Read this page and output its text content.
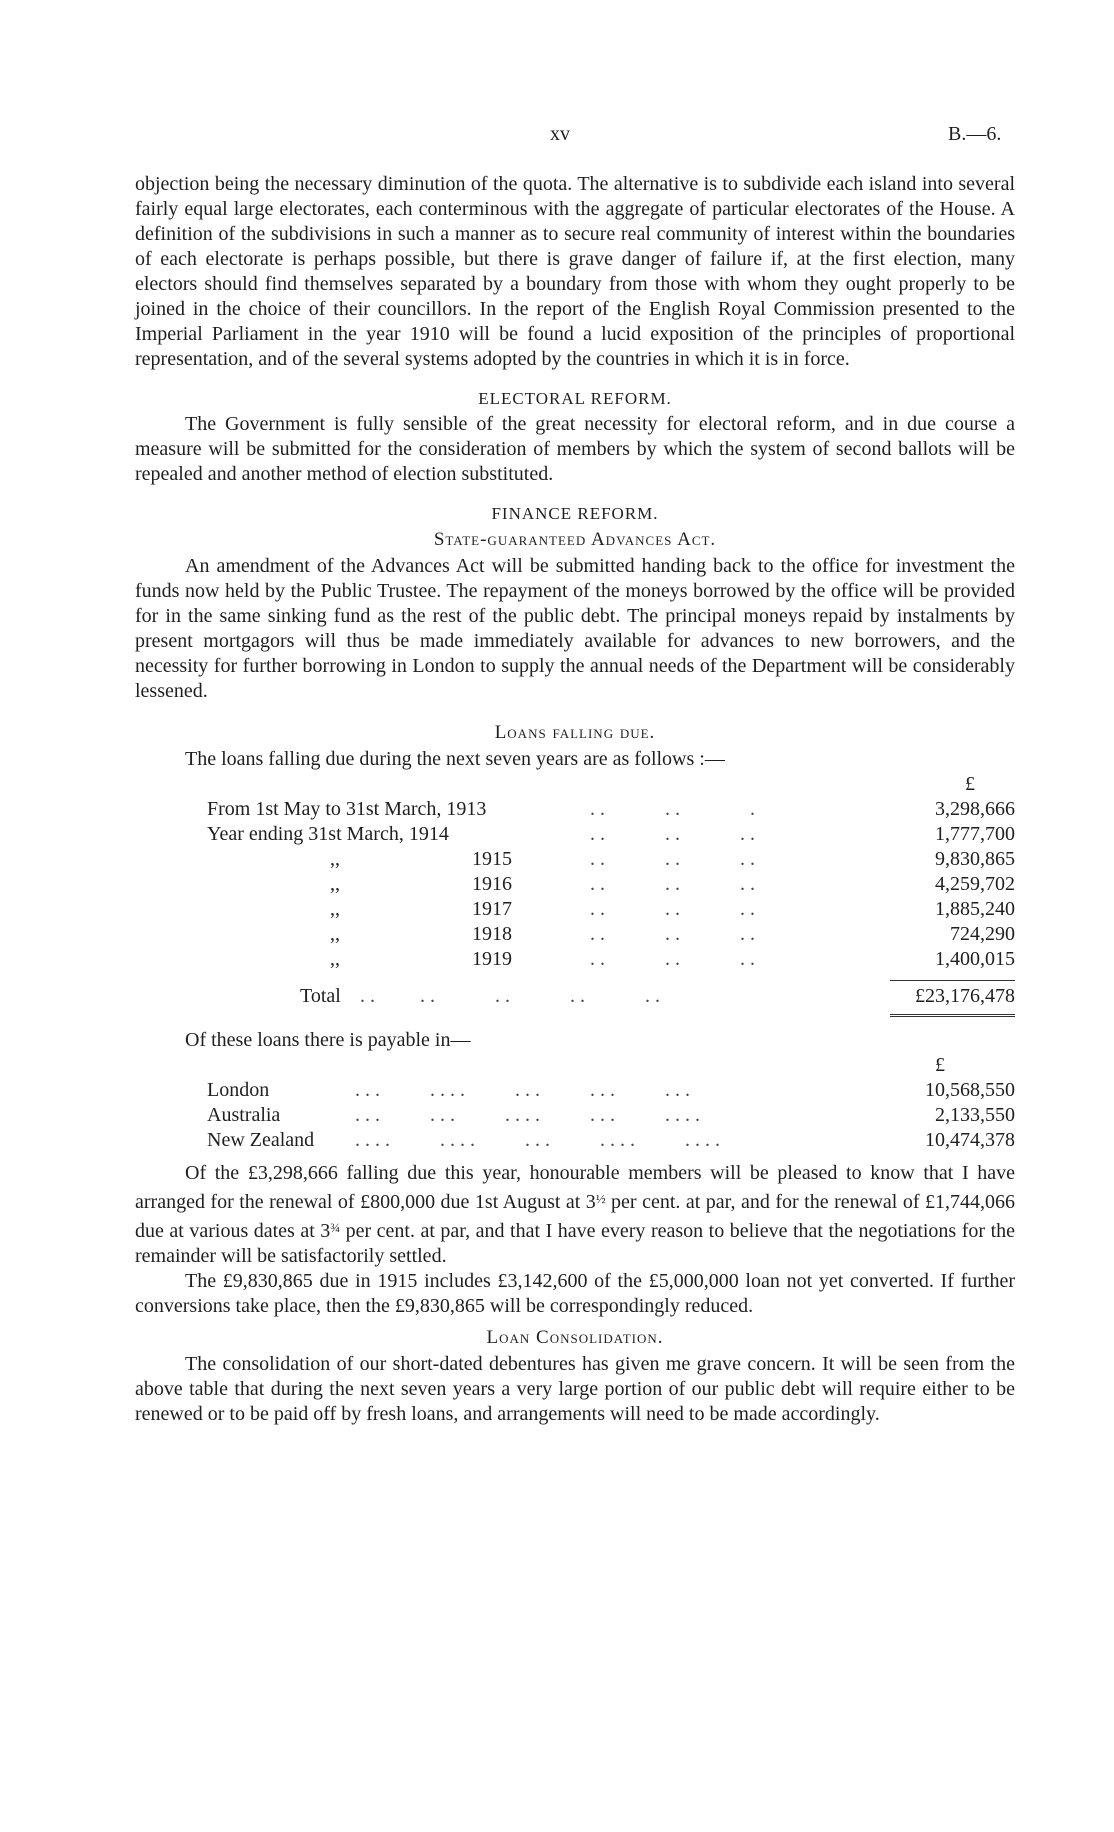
xv	B.—6.

objection being the necessary diminution of the quota. The alternative is to subdivide each island into several fairly equal large electorates, each conterminous with the aggregate of particular electorates of the House. A definition of the subdivisions in such a manner as to secure real community of interest within the boundaries of each electorate is perhaps possible, but there is grave danger of failure if, at the first election, many electors should find themselves separated by a boundary from those with whom they ought properly to be joined in the choice of their councillors. In the report of the English Royal Commission presented to the Imperial Parliament in the year 1910 will be found a lucid exposition of the principles of proportional representation, and of the several systems adopted by the countries in which it is in force.

ELECTORAL REFORM.

The Government is fully sensible of the great necessity for electoral reform, and in due course a measure will be submitted for the consideration of members by which the system of second ballots will be repealed and another method of election substituted.

FINANCE REFORM.
State-guaranteed Advances Act.

An amendment of the Advances Act will be submitted handing back to the office for investment the funds now held by the Public Trustee. The repayment of the moneys borrowed by the office will be provided for in the same sinking fund as the rest of the public debt. The principal moneys repaid by instalments by present mortgagors will thus be made immediately available for advances to new borrowers, and the necessity for further borrowing in London to supply the annual needs of the Department will be considerably lessened.

Loans falling due.

The loans falling due during the next seven years are as follows :—

£
From 1st May to 31st March, 1913	. .            . .              .	3,298,666
Year ending 31st March, 1914	. .            . .            . .	1,777,700
,,	1915	. .            . .            . .	9,830,865
,,	1916	. .            . .            . .	4,259,702
,,	1917	. .            . .            . .	1,885,240
,,	1918	. .            . .            . .	724,290
,,	1919	. .            . .            . .	1,400,015
Total . .         . .            . .            . .            . .	£23,176,478

Of these loans there is payable in—

£
London	. . .          . . . .          . . .          . . .          . . .	10,568,550
Australia	. . .          . . .          . . . .          . . .          . . . .	2,133,550
New Zealand . . . .          . . . .          . . .          . . . .          . . . .	10,474,378

Of the £3,298,666 falling due this year, honourable members will be pleased to know that I have arranged for the renewal of £800,000 due 1st August at $3^{\frac{1}{2}}$ per cent. at par, and for the renewal of £1,744,066 due at various dates at $3^{\frac{3}{4}}$ per cent. at par, and that I have every reason to believe that the negotiations for the remainder will be satisfactorily settled.

The £9,830,865 due in 1915 includes £3,142,600 of the £5,000,000 loan not yet converted. If further conversions take place, then the £9,830,865 will be correspondingly reduced.

Loan Consolidation.

The consolidation of our short-dated debentures has given me grave concern. It will be seen from the above table that during the next seven years a very large portion of our public debt will require either to be renewed or to be paid off by fresh loans, and arrangements will need to be made accordingly.
